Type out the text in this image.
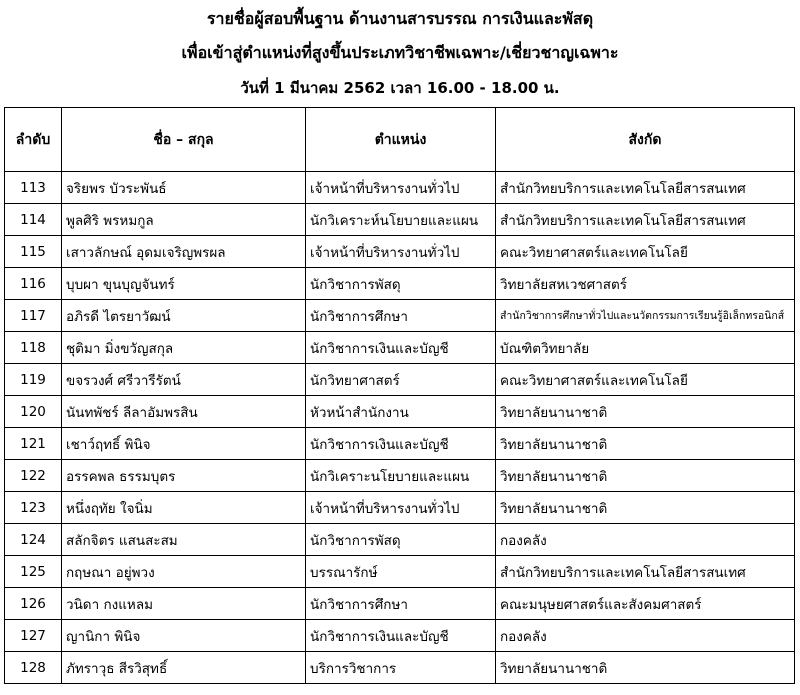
รายชื่อผู้สอบพื้นฐาน ด้านงานสารบรรณ การเงินและพัสดุ
เพื่อเข้าสู่ตำแหน่งที่สูงขึ้นประเภทวิชาชีพเฉพาะ/เชี่ยวชาญเฉพาะ
วันที่ 1 มีนาคม 2562 เวลา 16.00 - 18.00 น.
ลำดับ	ชื่อ – สกุล	ตำแหน่ง	สังกัด
113	จริยพร บัวระพันธ์	เจ้าหน้าที่บริหารงานทั่วไป	สำนักวิทยบริการและเทคโนโลยีสารสนเทศ
114	พูลศิริ พรหมกูล	นักวิเคราะห์นโยบายและแผน	สำนักวิทยบริการและเทคโนโลยีสารสนเทศ
115	เสาวลักษณ์ อุดมเจริญพรผล	เจ้าหน้าที่บริหารงานทั่วไป	คณะวิทยาศาสตร์และเทคโนโลยี
116	บุบผา ขุนบุญจันทร์	นักวิชาการพัสดุ	วิทยาลัยสหเวชศาสตร์
117	อภิรดี ไตรยาวัฒน์	นักวิชาการศึกษา	สำนักวิชาการศึกษาทั่วไปและนวัตกรรมการเรียนรู้อิเล็กทรอนิกส์
118	ชุติมา มิ่งขวัญสกุล	นักวิชาการเงินและบัญชี	บัณฑิตวิทยาลัย
119	ขจรวงศ์ ศรีวารีรัตน์	นักวิทยาศาสตร์	คณะวิทยาศาสตร์และเทคโนโลยี
120	นันทพัชร์ ลีลาอัมพรสิน	หัวหน้าสำนักงาน	วิทยาลัยนานาชาติ
121	เชาว์ฤทธิ์ พินิจ	นักวิชาการเงินและบัญชี	วิทยาลัยนานาชาติ
122	อรรคพล ธรรมบุตร	นักวิเคราะนโยบายและแผน	วิทยาลัยนานาชาติ
123	หนึ่งฤทัย ใจนิ่ม	เจ้าหน้าที่บริหารงานทั่วไป	วิทยาลัยนานาชาติ
124	สลักจิตร แสนสะสม	นักวิชาการพัสดุ	กองคลัง
125	กฤษณา อยู่พวง	บรรณารักษ์	สำนักวิทยบริการและเทคโนโลยีสารสนเทศ
126	วนิดา กงแหลม	นักวิชาการศึกษา	คณะมนุษยศาสตร์และสังคมศาสตร์
127	ญานิกา พินิจ	นักวิชาการเงินและบัญชี	กองคลัง
128	ภัทราวุธ สีรวิสุทธิ์	บริการวิชาการ	วิทยาลัยนานาชาติ
